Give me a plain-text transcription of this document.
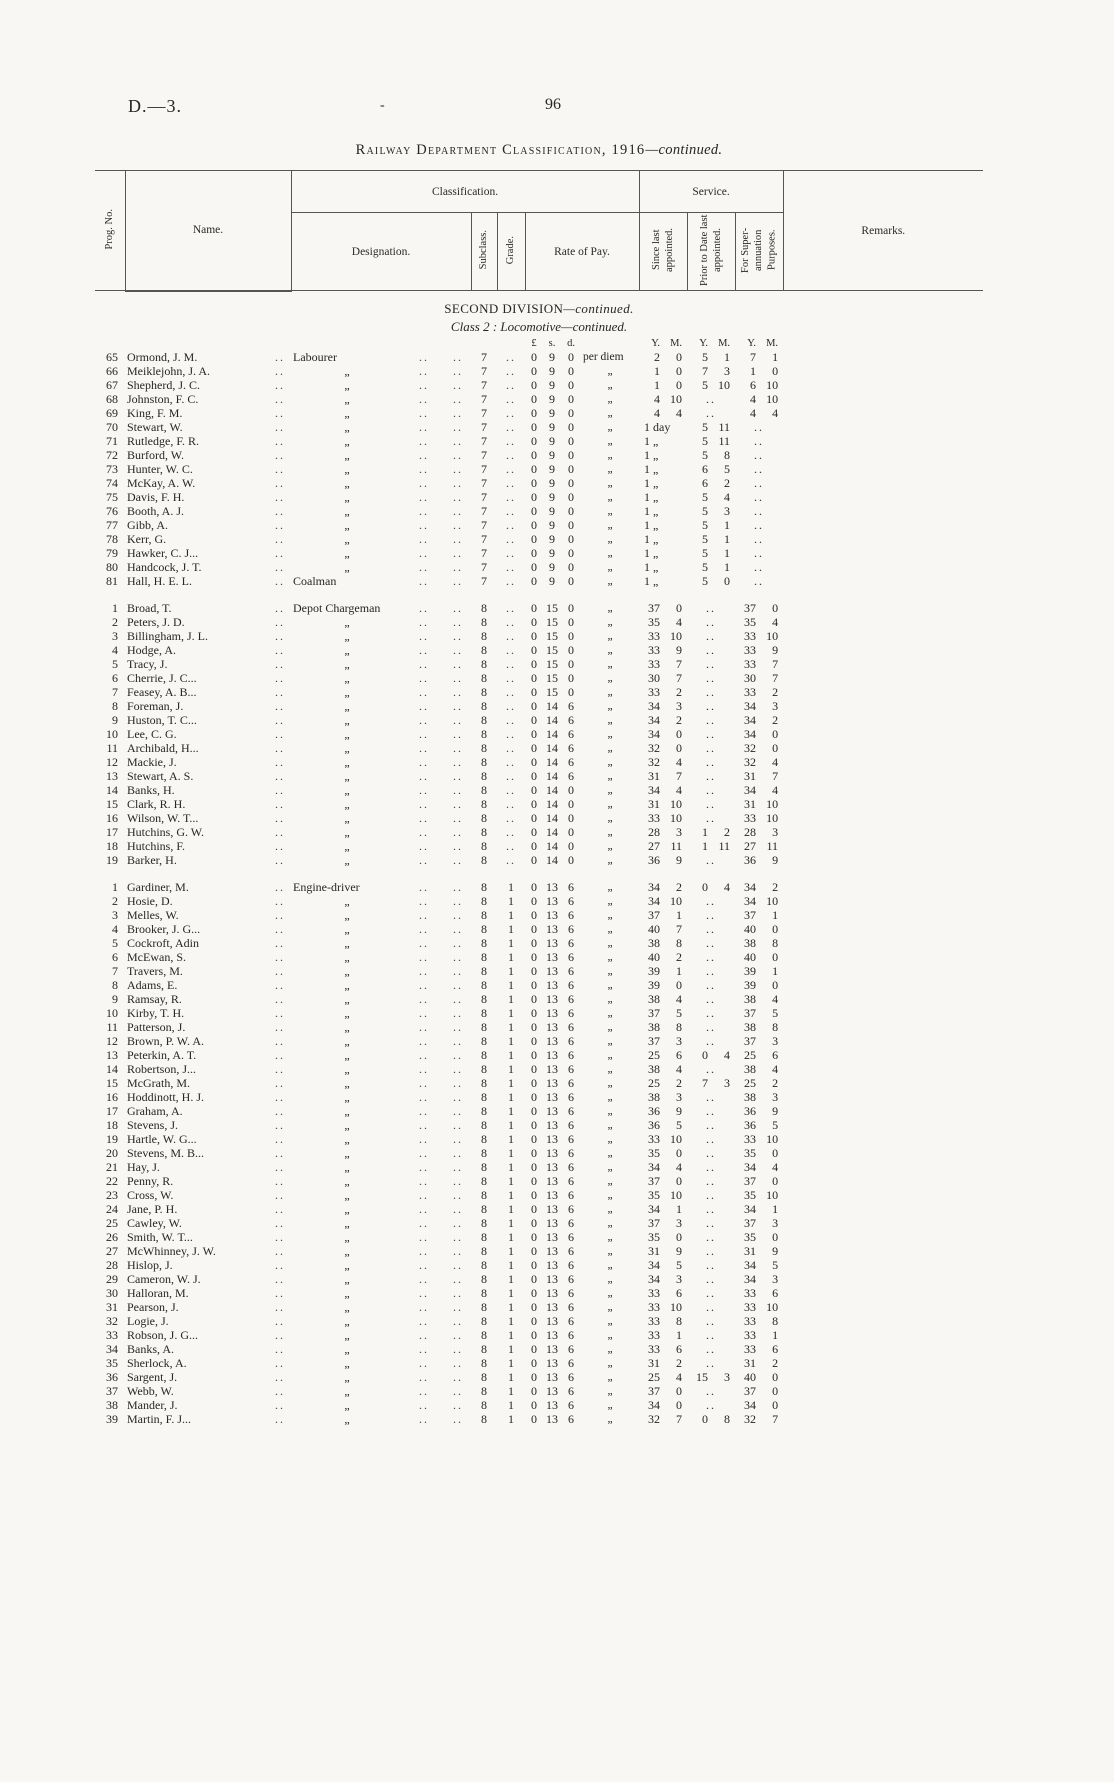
D.—3.	-	96
Railway Department Classification, 1916—continued.
Prog. No.	Name.		Classification.									Service.						Remarks.
			Designation.			Subclass.	Grade.	Rate of Pay.				Since last appointed.		Prior to Date last appointed.		For Superannuation Purposes.		
SECOND DIVISION—continued.																		
Class 2 : Locomotive—continued.																		
								£	s.	d.		Y.	M.	Y.	M.	Y.	M.	
65	Ormond, J. M.	..	Labourer	..	..	7	..	0	9	0	per diem	2	0	5	1	7	1	
66	Meiklejohn, J. A.	..	„	..	..	7	..	0	9	0	„	1	0	7	3	1	0	
67	Shepherd, J. C.	..	„	..	..	7	..	0	9	0	„	1	0	5	10	6	10	
68	Johnston, F. C.	..	„	..	..	7	..	0	9	0	„	4	10	..		4	10	
69	King, F. M.	..	„	..	..	7	..	0	9	0	„	4	4	..		4	4	
70	Stewart, W.	..	„	..	..	7	..	0	9	0	„	1 day		5	11	..		
71	Rutledge, F. R.	..	„	..	..	7	..	0	9	0	„	1 „		5	11	..		
72	Burford, W.	..	„	..	..	7	..	0	9	0	„	1 „		5	8	..		
73	Hunter, W. C.	..	„	..	..	7	..	0	9	0	„	1 „		6	5	..		
74	McKay, A. W.	..	„	..	..	7	..	0	9	0	„	1 „		6	2	..		
75	Davis, F. H.	..	„	..	..	7	..	0	9	0	„	1 „		5	4	..		
76	Booth, A. J.	..	„	..	..	7	..	0	9	0	„	1 „		5	3	..		
77	Gibb, A.	..	„	..	..	7	..	0	9	0	„	1 „		5	1	..		
78	Kerr, G.	..	„	..	..	7	..	0	9	0	„	1 „		5	1	..		
79	Hawker, C. J...	..	„	..	..	7	..	0	9	0	„	1 „		5	1	..		
80	Handcock, J. T.	..	„	..	..	7	..	0	9	0	„	1 „		5	1	..		
81	Hall, H. E. L.	..	Coalman	..	..	7	..	0	9	0	„	1 „		5	0	..		

1	Broad, T.	..	Depot Chargeman	..	..	8	..	0	15	0	„	37	0	..		37	0	
2	Peters, J. D.	..	„	..	..	8	..	0	15	0	„	35	4	..		35	4	
3	Billingham, J. L.	..	„	..	..	8	..	0	15	0	„	33	10	..		33	10	
4	Hodge, A.	..	„	..	..	8	..	0	15	0	„	33	9	..		33	9	
5	Tracy, J.	..	„	..	..	8	..	0	15	0	„	33	7	..		33	7	
6	Cherrie, J. C...	..	„	..	..	8	..	0	15	0	„	30	7	..		30	7	
7	Feasey, A. B...	..	„	..	..	8	..	0	15	0	„	33	2	..		33	2	
8	Foreman, J.	..	„	..	..	8	..	0	14	6	„	34	3	..		34	3	
9	Huston, T. C...	..	„	..	..	8	..	0	14	6	„	34	2	..		34	2	
10	Lee, C. G.	..	„	..	..	8	..	0	14	6	„	34	0	..		34	0	
11	Archibald, H...	..	„	..	..	8	..	0	14	6	„	32	0	..		32	0	
12	Mackie, J.	..	„	..	..	8	..	0	14	6	„	32	4	..		32	4	
13	Stewart, A. S.	..	„	..	..	8	..	0	14	6	„	31	7	..		31	7	
14	Banks, H.	..	„	..	..	8	..	0	14	0	„	34	4	..		34	4	
15	Clark, R. H.	..	„	..	..	8	..	0	14	0	„	31	10	..		31	10	
16	Wilson, W. T...	..	„	..	..	8	..	0	14	0	„	33	10	..		33	10	
17	Hutchins, G. W.	..	„	..	..	8	..	0	14	0	„	28	3	1	2	28	3	
18	Hutchins, F.	..	„	..	..	8	..	0	14	0	„	27	11	1	11	27	11	
19	Barker, H.	..	„	..	..	8	..	0	14	0	„	36	9	..		36	9	

1	Gardiner, M.	..	Engine-driver	..	..	8	1	0	13	6	„	34	2	0	4	34	2	
2	Hosie, D.	..	„	..	..	8	1	0	13	6	„	34	10	..		34	10	
3	Melles, W.	..	„	..	..	8	1	0	13	6	„	37	1	..		37	1	
4	Brooker, J. G...	..	„	..	..	8	1	0	13	6	„	40	7	..		40	0	
5	Cockroft, Adin	..	„	..	..	8	1	0	13	6	„	38	8	..		38	8	
6	McEwan, S.	..	„	..	..	8	1	0	13	6	„	40	2	..		40	0	
7	Travers, M.	..	„	..	..	8	1	0	13	6	„	39	1	..		39	1	
8	Adams, E.	..	„	..	..	8	1	0	13	6	„	39	0	..		39	0	
9	Ramsay, R.	..	„	..	..	8	1	0	13	6	„	38	4	..		38	4	
10	Kirby, T. H.	..	„	..	..	8	1	0	13	6	„	37	5	..		37	5	
11	Patterson, J.	..	„	..	..	8	1	0	13	6	„	38	8	..		38	8	
12	Brown, P. W. A.	..	„	..	..	8	1	0	13	6	„	37	3	..		37	3	
13	Peterkin, A. T.	..	„	..	..	8	1	0	13	6	„	25	6	0	4	25	6	
14	Robertson, J...	..	„	..	..	8	1	0	13	6	„	38	4	..		38	4	
15	McGrath, M.	..	„	..	..	8	1	0	13	6	„	25	2	7	3	25	2	
16	Hoddinott, H. J.	..	„	..	..	8	1	0	13	6	„	38	3	..		38	3	
17	Graham, A.	..	„	..	..	8	1	0	13	6	„	36	9	..		36	9	
18	Stevens, J.	..	„	..	..	8	1	0	13	6	„	36	5	..		36	5	
19	Hartle, W. G...	..	„	..	..	8	1	0	13	6	„	33	10	..		33	10	
20	Stevens, M. B...	..	„	..	..	8	1	0	13	6	„	35	0	..		35	0	
21	Hay, J.	..	„	..	..	8	1	0	13	6	„	34	4	..		34	4	
22	Penny, R.	..	„	..	..	8	1	0	13	6	„	37	0	..		37	0	
23	Cross, W.	..	„	..	..	8	1	0	13	6	„	35	10	..		35	10	
24	Jane, P. H.	..	„	..	..	8	1	0	13	6	„	34	1	..		34	1	
25	Cawley, W.	..	„	..	..	8	1	0	13	6	„	37	3	..		37	3	
26	Smith, W. T...	..	„	..	..	8	1	0	13	6	„	35	0	..		35	0	
27	McWhinney, J. W.	..	„	..	..	8	1	0	13	6	„	31	9	..		31	9	
28	Hislop, J.	..	„	..	..	8	1	0	13	6	„	34	5	..		34	5	
29	Cameron, W. J.	..	„	..	..	8	1	0	13	6	„	34	3	..		34	3	
30	Halloran, M.	..	„	..	..	8	1	0	13	6	„	33	6	..		33	6	
31	Pearson, J.	..	„	..	..	8	1	0	13	6	„	33	10	..		33	10	
32	Logie, J.	..	„	..	..	8	1	0	13	6	„	33	8	..		33	8	
33	Robson, J. G...	..	„	..	..	8	1	0	13	6	„	33	1	..		33	1	
34	Banks, A.	..	„	..	..	8	1	0	13	6	„	33	6	..		33	6	
35	Sherlock, A.	..	„	..	..	8	1	0	13	6	„	31	2	..		31	2	
36	Sargent, J.	..	„	..	..	8	1	0	13	6	„	25	4	15	3	40	0	
37	Webb, W.	..	„	..	..	8	1	0	13	6	„	37	0	..		37	0	
38	Mander, J.	..	„	..	..	8	1	0	13	6	„	34	0	..		34	0	
39	Martin, F. J...	..	„	..	..	8	1	0	13	6	„	32	7	0	8	32	7	
